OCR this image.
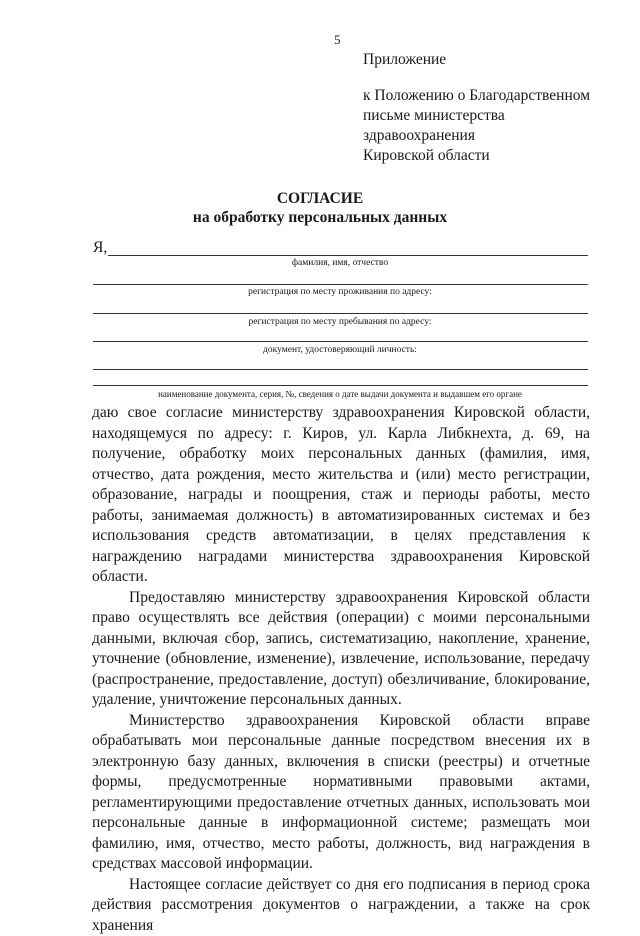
5
Приложение
к Положению о Благодарственном
письме министерства
здравоохранения
Кировской области
СОГЛАСИЕ
на обработку персональных данных
Я,
фамилия, имя, отчество
регистрация по месту проживания по адресу:
регистрация по месту пребывания по адресу:
документ, удостоверяющий личность:
наименование документа, серия, №, сведения о дате выдачи документа и выдавшем его органе

даю свое согласие министерству здравоохранения Кировской области, находящемуся по адресу: г. Киров, ул. Карла Либкнехта, д. 69, на получение, обработку моих персональных данных (фамилия, имя, отчество, дата рождения, место жительства и (или) место регистрации, образование, награды и поощрения, стаж и периоды работы, место работы, занимаемая должность) в автоматизированных системах и без использования средств автоматизации, в целях представления к награждению наградами министерства здравоохранения Кировской области.

Предоставляю министерству здравоохранения Кировской области право осуществлять все действия (операции) с моими персональными данными, включая сбор, запись, систематизацию, накопление, хранение, уточнение (обновление, изменение), извлечение, использование, передачу (распространение, предоставление, доступ) обезличивание, блокирование, удаление, уничтожение персональных данных.

Министерство здравоохранения Кировской области вправе обрабатывать мои персональные данные посредством внесения их в электронную базу данных, включения в списки (реестры) и отчетные формы, предусмотренные нормативными правовыми актами, регламентирующими предоставление отчетных данных, использовать мои персональные данные в информационной системе; размещать мои фамилию, имя, отчество, место работы, должность, вид награждения в средствах массовой информации.

Настоящее согласие действует со дня его подписания в период срока действия рассмотрения документов о награждении, а также на срок хранения
